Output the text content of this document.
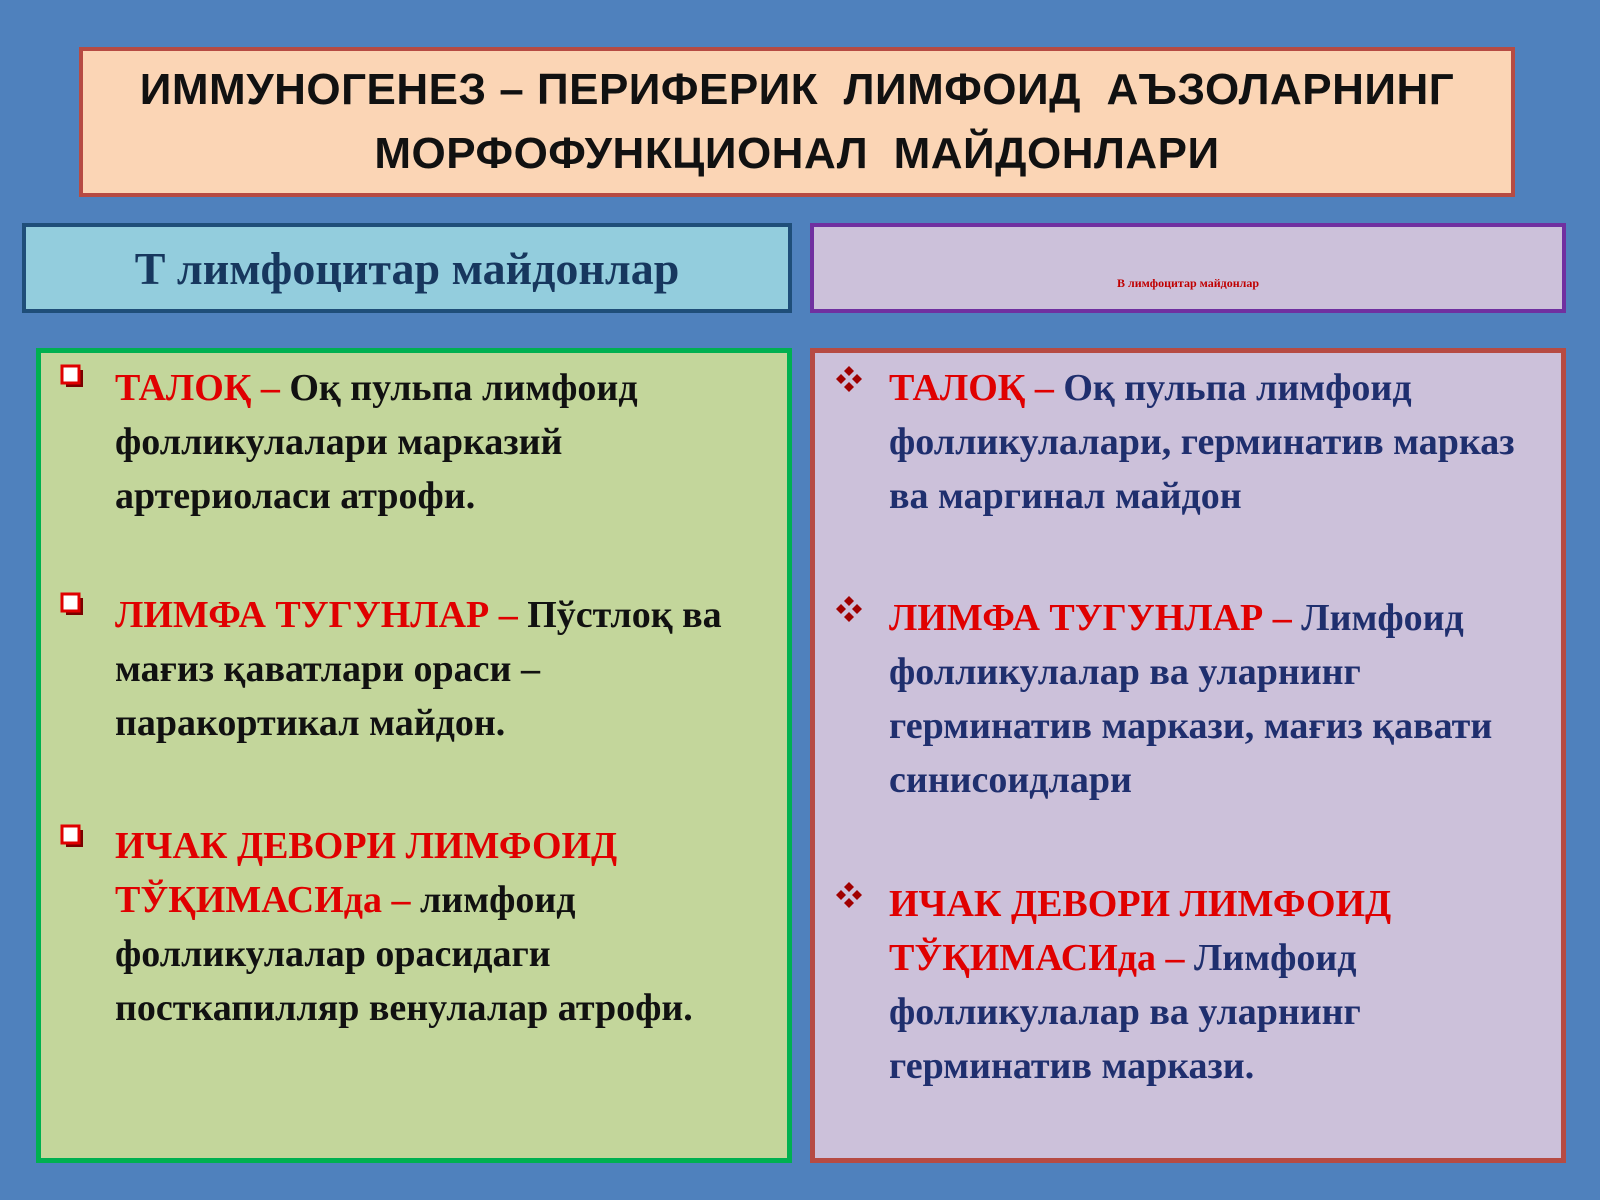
ИММУНОГЕНЕЗ – ПЕРИФЕРИК  ЛИМФОИД  АЪЗОЛАРНИНГ
МОРФОФУНКЦИОНАЛ  МАЙДОНЛАРИ
Т лимфоцитар майдонлар	В лимфоцитар майдонлар
ТАЛОҚ – Оқ пульпа лимфоид фолликулалари марказий артериоласи атрофи.
ЛИМФА ТУГУНЛАР – Пўстлоқ ва мағиз қаватлари ораси – паракортикал майдон.
ИЧАК ДЕВОРИ ЛИМФОИД ТЎҚИМАСИда – лимфоид фолликулалар орасидаги посткапилляр венулалар атрофи.
ТАЛОҚ – Оқ пульпа лимфоид фолликулалари, герминатив марказ ва маргинал майдон
ЛИМФА ТУГУНЛАР – Лимфоид фолликулалар ва уларнинг герминатив маркази, мағиз қавати синисоидлари
ИЧАК ДЕВОРИ ЛИМФОИД ТЎҚИМАСИда – Лимфоид фолликулалар ва уларнинг герминатив маркази.
